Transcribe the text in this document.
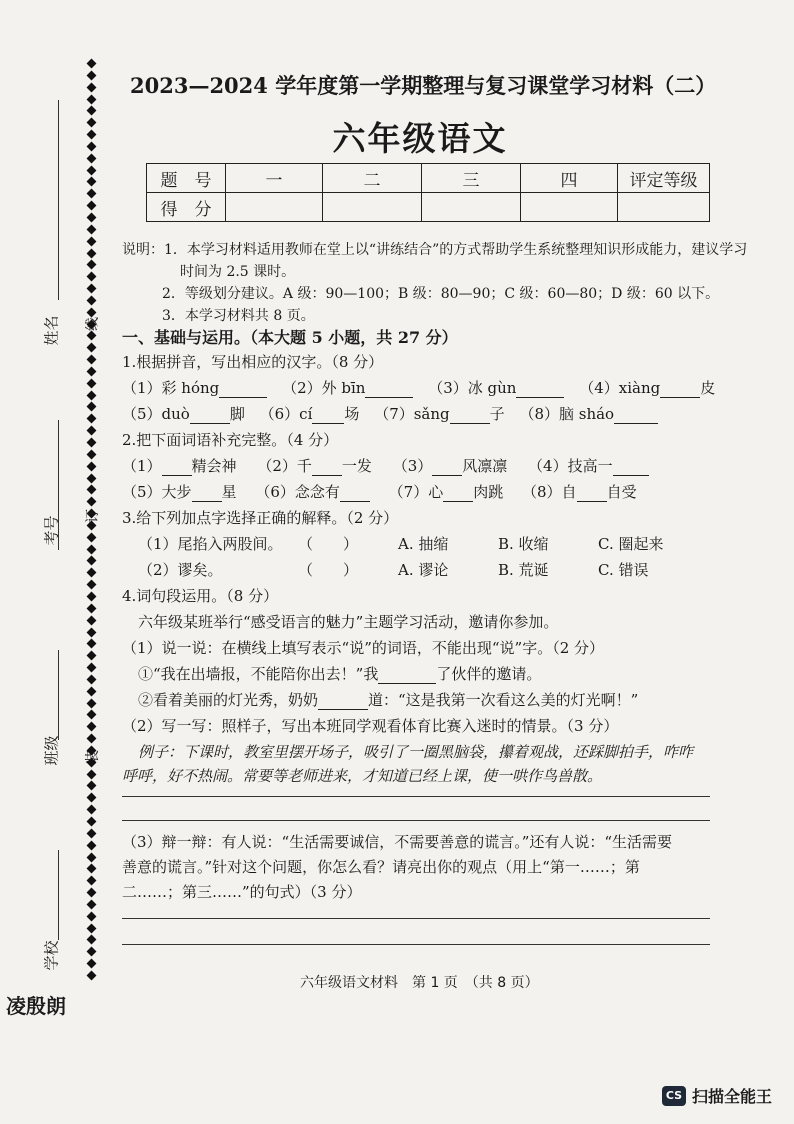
姓名
考号
班级
学校
线
订
装
2023—2024 学年度第一学期整理与复习课堂学习材料（二）
六年级语文
题　号	一	二	三	四	评定等级
得　分					
说明：1．本学习材料适用教师在堂上以“讲练结合”的方式帮助学生系统整理知识形成能力，建议学习
时间为 2.5 课时。
2．等级划分建议。A 级：90—100；B 级：80—90；C 级：60—80；D 级：60 以下。
3．本学习材料共 8 页。
一、基础与运用。（本大题 5 小题，共 27 分）
1.根据拼音，写出相应的汉字。（8 分）
（1）彩 hóng	（2）外 bīn	（3）冰 gùn	（4）xiàng	皮
（5）duò	脚 （6）cí 场 （7）sǎng	子 （8）脑 sháo
2.把下面词语补充完整。（4 分）
（1） 精会神 （2）千 一发 （3） 风凛凛 （4）技高一
（5）大步 星 （6）念念有	（7）心 肉跳 （8）自 自受
3.给下列加点字选择正确的解释。（2 分）
（1）尾掐入两股间。 （　　）	A. 抽缩	B. 收缩	C. 圈起来
（2）谬矣。	（　　）	A. 谬论	B. 荒诞	C. 错误
4.词句段运用。（8 分）
六年级某班举行“感受语言的魅力”主题学习活动，邀请你参加。
（1）说一说：在横线上填写表示“说”的词语，不能出现“说”字。（2 分）
①“我在出墙报，不能陪你出去！”我	了伙伴的邀请。
②看着美丽的灯光秀，奶奶	道：“这是我第一次看这么美的灯光啊！”
（2）写一写：照样子，写出本班同学观看体育比赛入迷时的情景。（3 分）
例子：下课时，教室里摆开场子，吸引了一圈黑脑袋，攥着观战，还踩脚拍手，咋咋
呼呼，好不热闹。常要等老师进来，才知道已经上课，使一哄作鸟兽散。
（3）辩一辩：有人说：“生活需要诚信，不需要善意的谎言。”还有人说：“生活需要
善意的谎言。”针对这个问题，你怎么看？请亮出你的观点（用上“第一……；第
二……；第三……”的句式）（3 分）
六年级语文材料　第 1 页　（共 8 页）
凌殷朗
CS 扫描全能王
